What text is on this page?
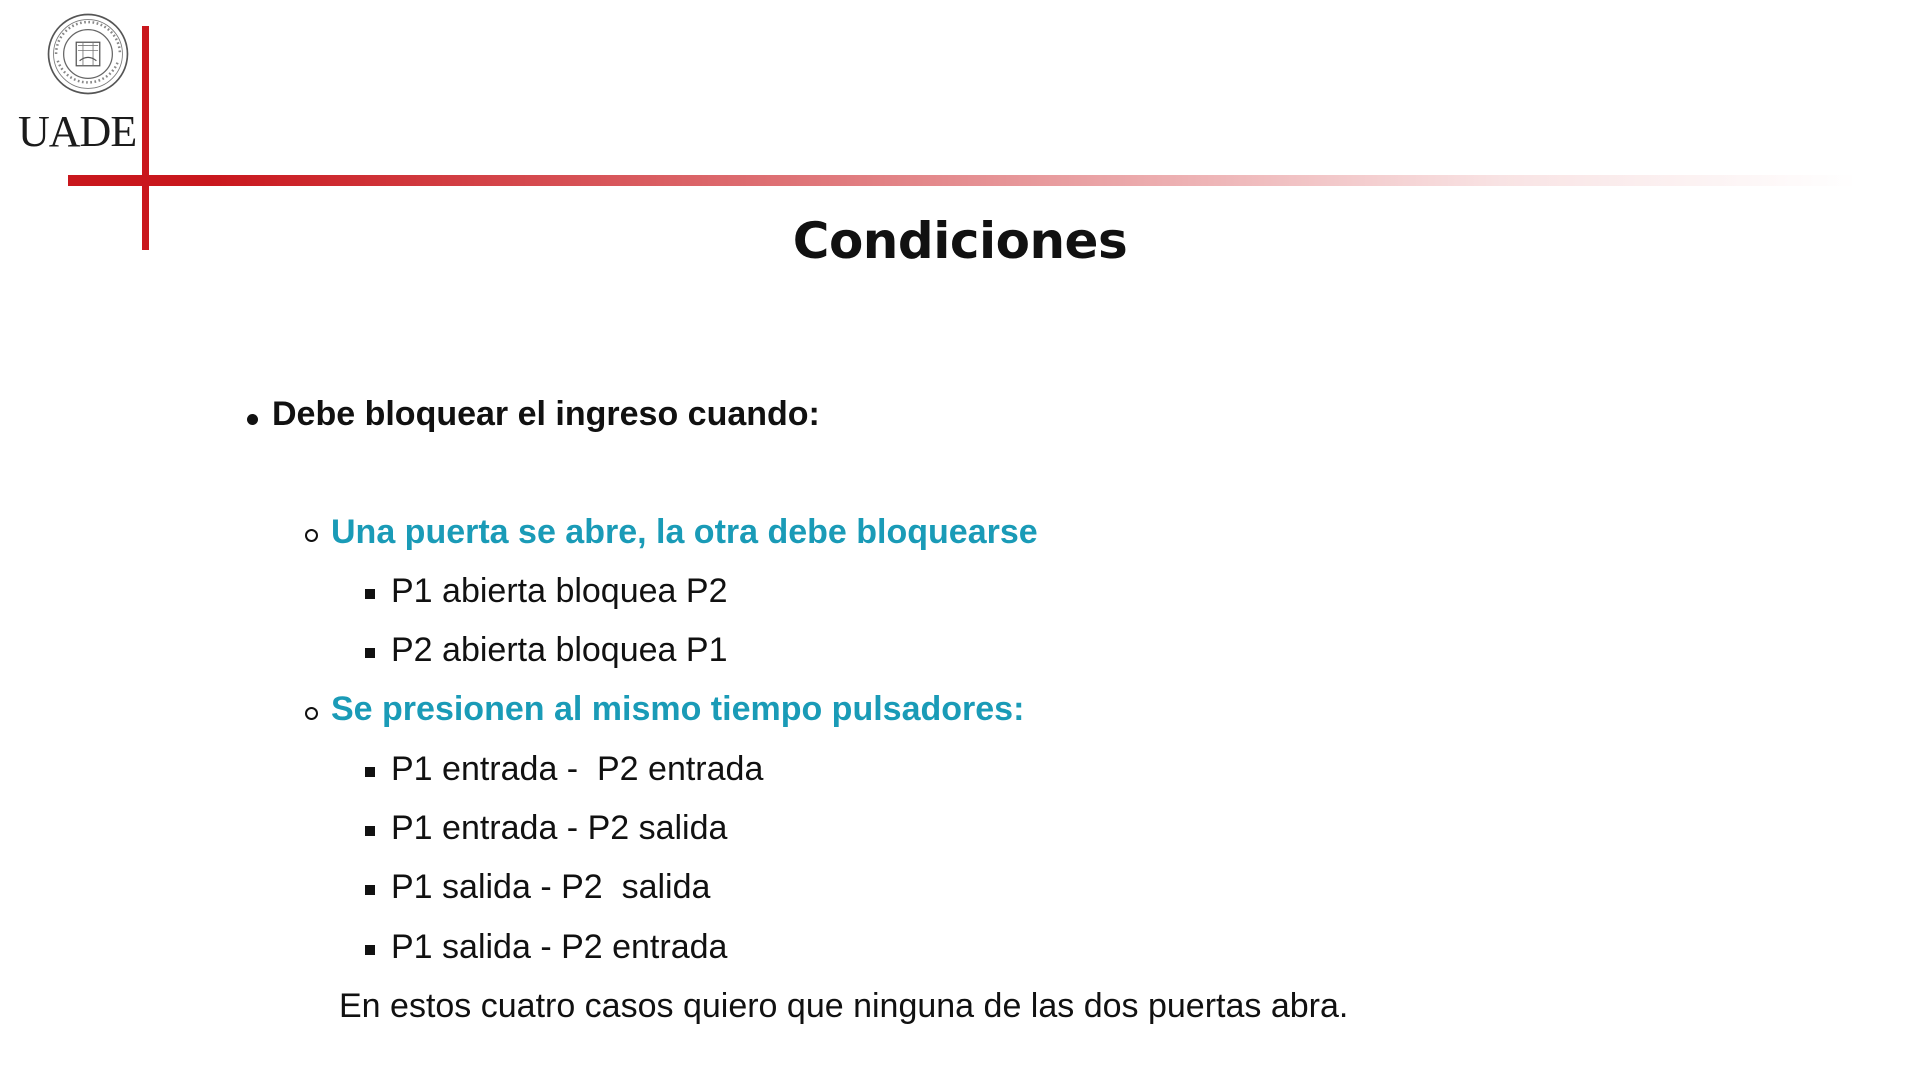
UADE
Condiciones
Debe bloquear el ingreso cuando:
Una puerta se abre, la otra debe bloquearse
P1 abierta bloquea P2
P2 abierta bloquea P1
Se presionen al mismo tiempo pulsadores:
P1 entrada -  P2 entrada
P1 entrada - P2 salida
P1 salida - P2  salida
P1 salida - P2 entrada
En estos cuatro casos quiero que ninguna de las dos puertas abra.
